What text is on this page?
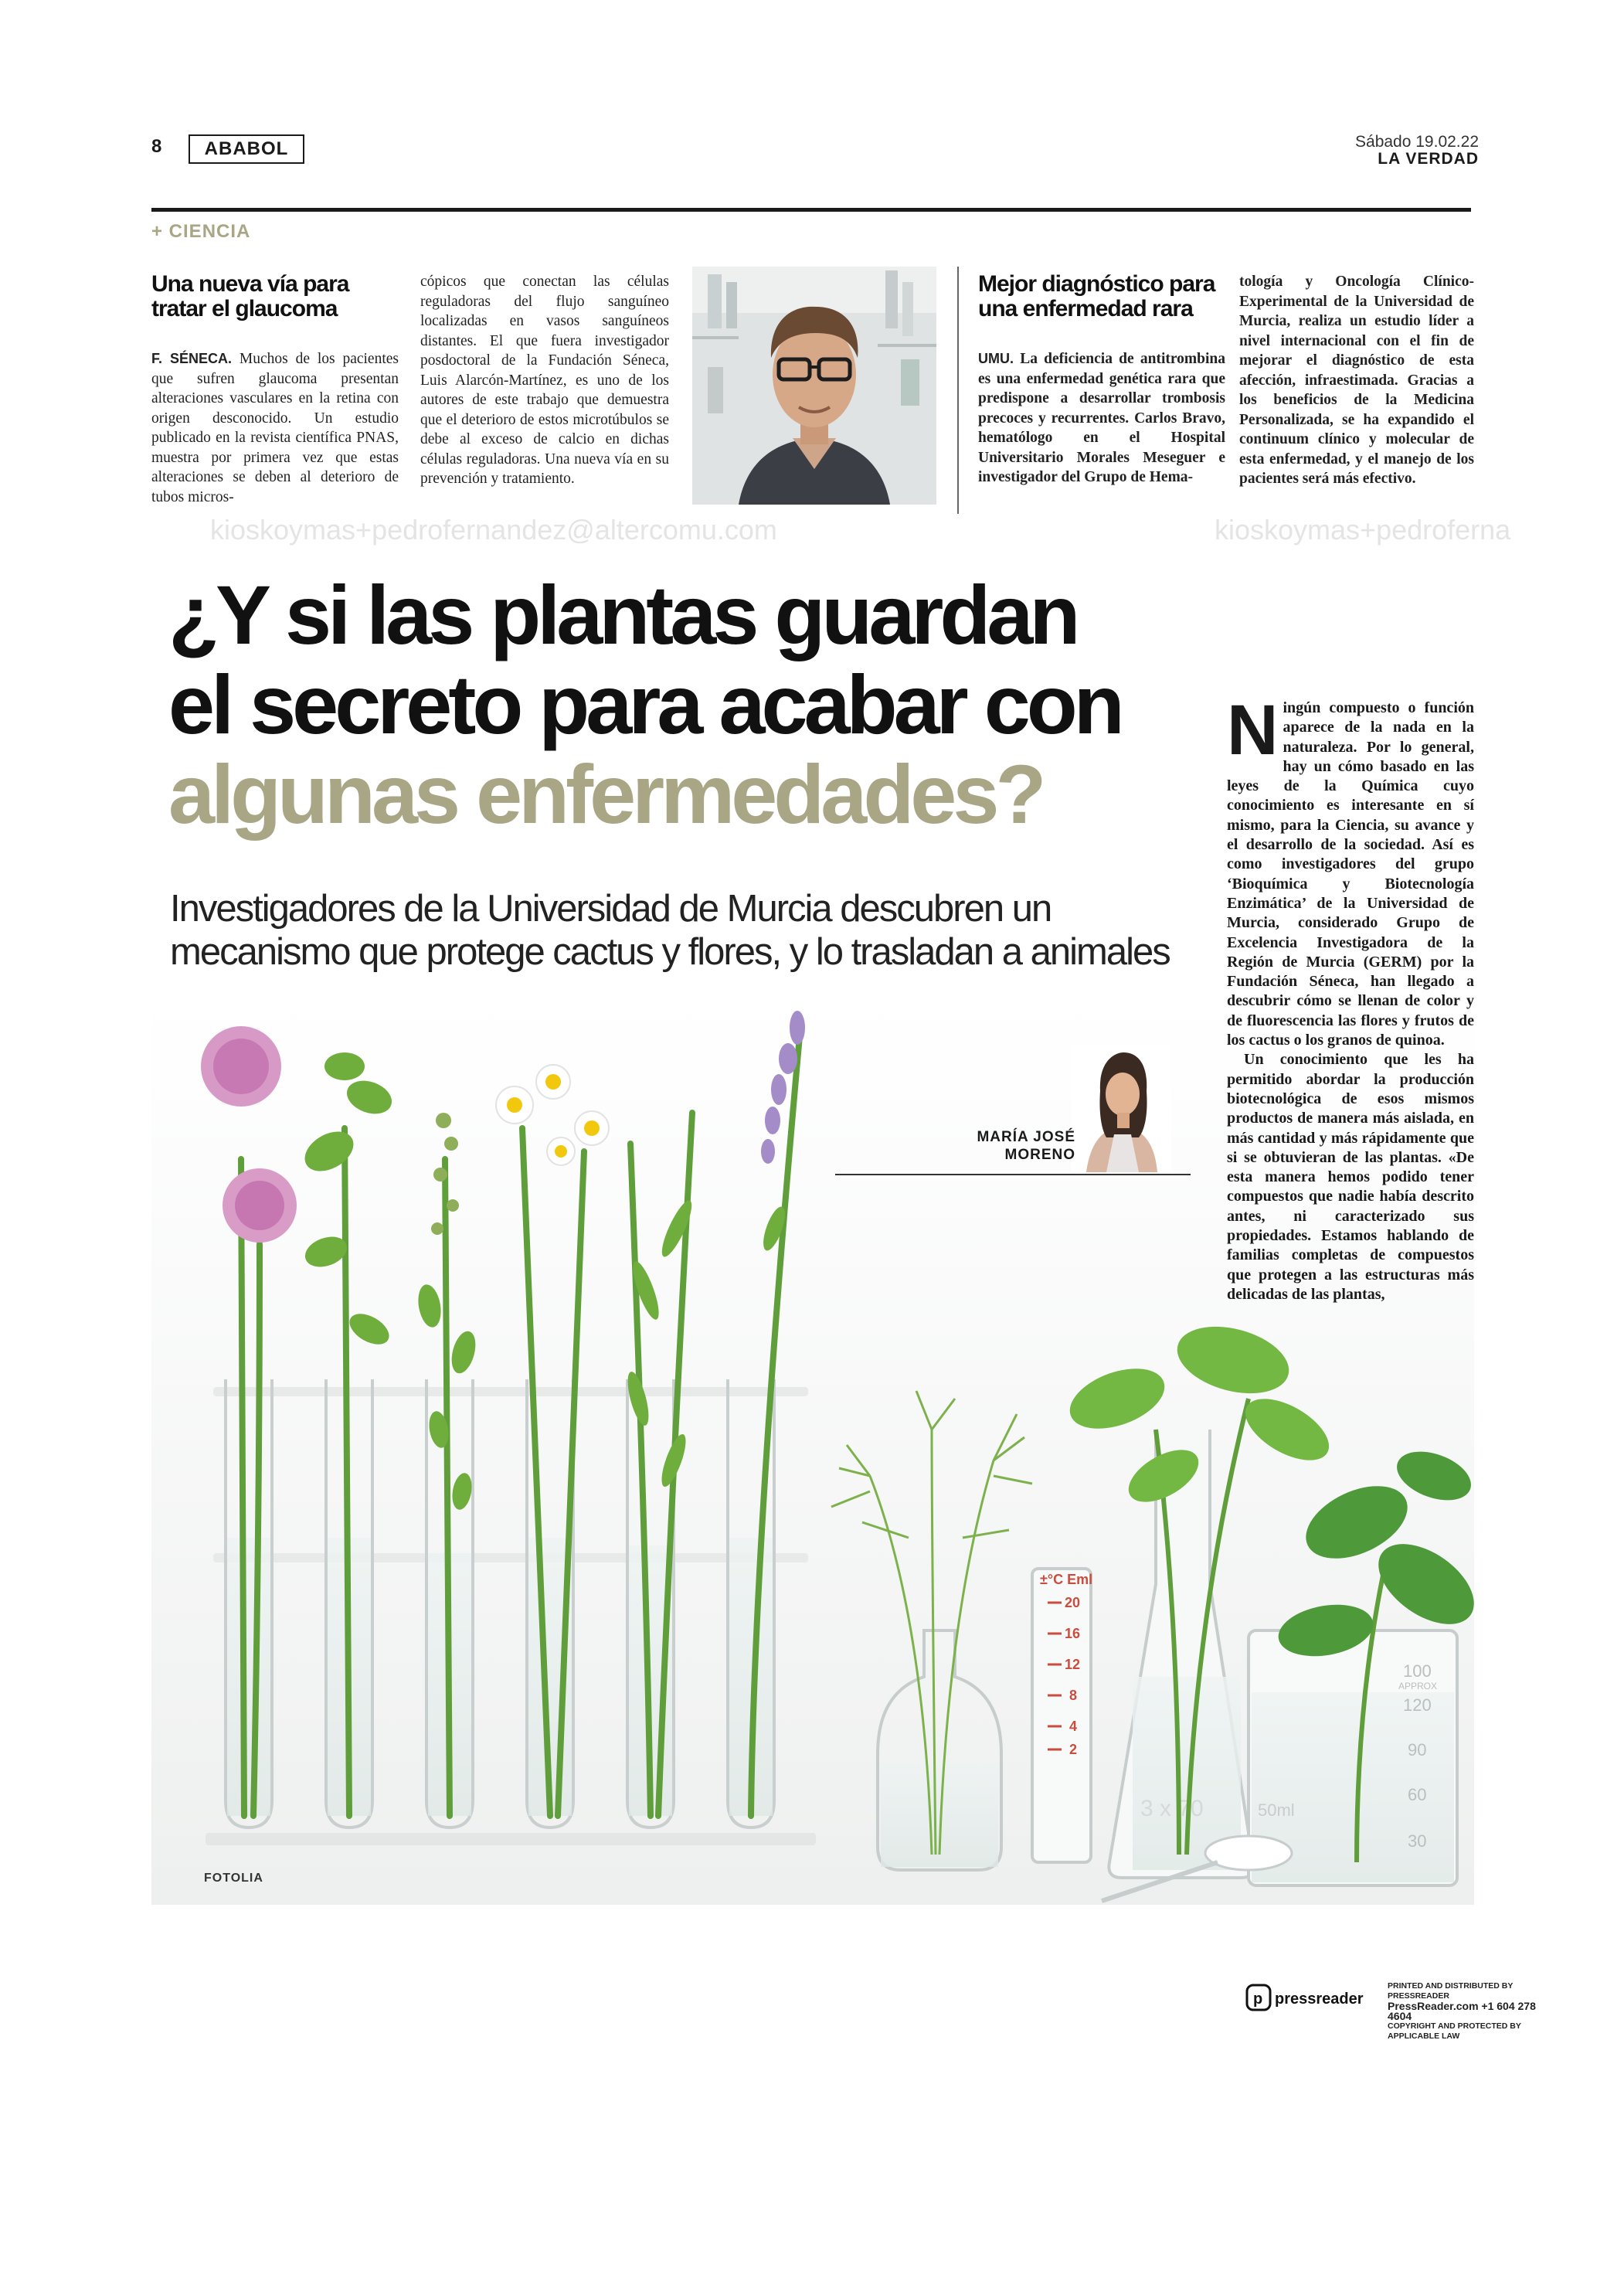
8	ABABOL	Sábado 19.02.22
LA VERDAD
+ CIENCIA
Una nueva vía para
tratar el glaucoma
F. SÉNECA. Muchos de los pacientes que sufren glaucoma presentan alteraciones vasculares en la retina con origen desconocido. Un estudio publicado en la revista científica PNAS, muestra por primera vez que estas alteraciones se deben al deterioro de tubos micros-
cópicos que conectan las células reguladoras del flujo sanguíneo localizadas en vasos sanguíneos distantes. El que fuera investigador posdoctoral de la Fundación Séneca, Luis Alarcón-Martínez, es uno de los autores de este trabajo que demuestra que el deterioro de estos microtúbulos se debe al exceso de calcio en dichas células reguladoras. Una nueva vía en su prevención y tratamiento.
Mejor diagnóstico para
una enfermedad rara
UMU. La deficiencia de antitrombina es una enfermedad genética rara que predispone a desarrollar trombosis precoces y recurrentes. Carlos Bravo, hematólogo en el Hospital Universitario Morales Meseguer e investigador del Grupo de Hema-
tología y Oncología Clínico-Experimental de la Universidad de Murcia, realiza un estudio líder a nivel internacional con el fin de mejorar el diagnóstico de esta afección, infraestimada. Gracias a los beneficios de la Medicina Personalizada, se ha expandido el continuum clínico y molecular de esta enfermedad, y el manejo de los pacientes será más efectivo.
kioskoymas+pedrofernandez@altercomu.com	kioskoymas+pedroferna
±°C Eml
20
16
12
8
4
2
3 x 70
100
APPROX
120
90
60
30
50ml
FOTOLIA
¿Y si las plantas guardan
el secreto para acabar con
algunas enfermedades?
Investigadores de la Universidad de Murcia descubren un
mecanismo que protege cactus y flores, y lo trasladan a animales
MARÍA JOSÉ
MORENO
N ingún compuesto o función aparece de la nada en la naturaleza. Por lo general, hay un cómo basado en las leyes de la Química cuyo conocimiento es interesante en sí mismo, para la Ciencia, su avance y el desarrollo de la sociedad. Así es como investigadores del grupo ‘Bioquímica y Biotecnología Enzimática’ de la Universidad de Murcia, considerado Grupo de Excelencia Investigadora de la Región de Murcia (GERM) por la Fundación Séneca, han llegado a descubrir cómo se llenan de color y de fluorescencia las flores y frutos de los cactus o los granos de quinoa.
Un conocimiento que les ha permitido abordar la producción biotecnológica de esos mismos productos de manera más aislada, en más cantidad y más rápidamente que si se obtuvieran de las plantas. «De esta manera hemos podido tener compuestos que nadie había descrito antes, ni caracterizado sus propiedades. Estamos hablando de familias completas de compuestos que protegen a las estructuras más delicadas de las plantas,
p pressreader
PRINTED AND DISTRIBUTED BY PRESSREADER
PressReader.com +1 604 278 4604
COPYRIGHT AND PROTECTED BY APPLICABLE LAW
